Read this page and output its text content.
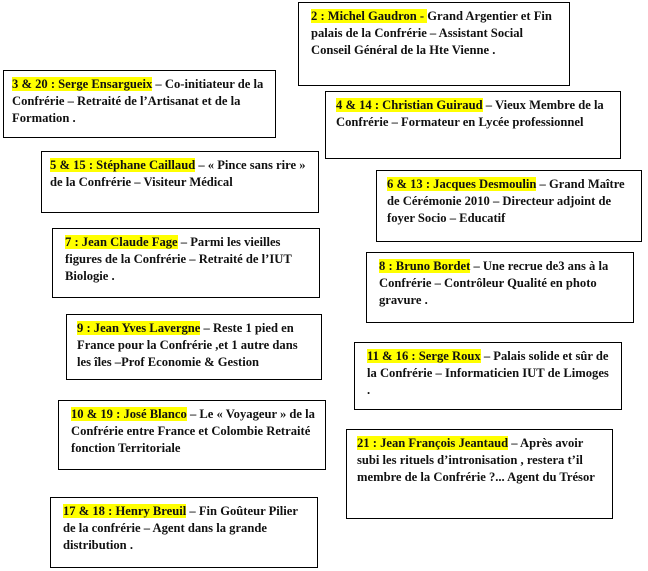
2 : Michel Gaudron - Grand Argentier et Fin palais de la Confrérie – Assistant Social Conseil Général de la Hte Vienne .
3 & 20 : Serge Ensargueix – Co-initiateur de la Confrérie – Retraité de l’Artisanat et de la Formation .
4 & 14 : Christian Guiraud – Vieux Membre de la Confrérie – Formateur en Lycée professionnel
5 & 15 : Stéphane Caillaud – « Pince sans rire » de la Confrérie – Visiteur Médical	6 & 13 : Jacques Desmoulin – Grand Maître de Cérémonie 2010 – Directeur adjoint de foyer Socio – Educatif
7 : Jean Claude Fage – Parmi les vieilles figures de la Confrérie – Retraité de l’IUT Biologie .
8 : Bruno Bordet – Une recrue de3 ans à la Confrérie – Contrôleur Qualité en photo gravure .
9 : Jean Yves Lavergne – Reste 1 pied en France pour la Confrérie ,et 1 autre dans les îles –Prof Economie & Gestion	11 & 16 : Serge Roux – Palais solide et sûr de la Confrérie – Informaticien IUT de Limoges .
10 & 19 : José Blanco – Le « Voyageur » de la Confrérie entre France et Colombie Retraité fonction Territoriale	21 : Jean François Jeantaud – Après avoir subi les rituels d’intronisation , restera t’il membre de la Confrérie ?... Agent du Trésor
17 & 18 : Henry Breuil – Fin Goûteur Pilier de la confrérie – Agent dans la grande distribution .
